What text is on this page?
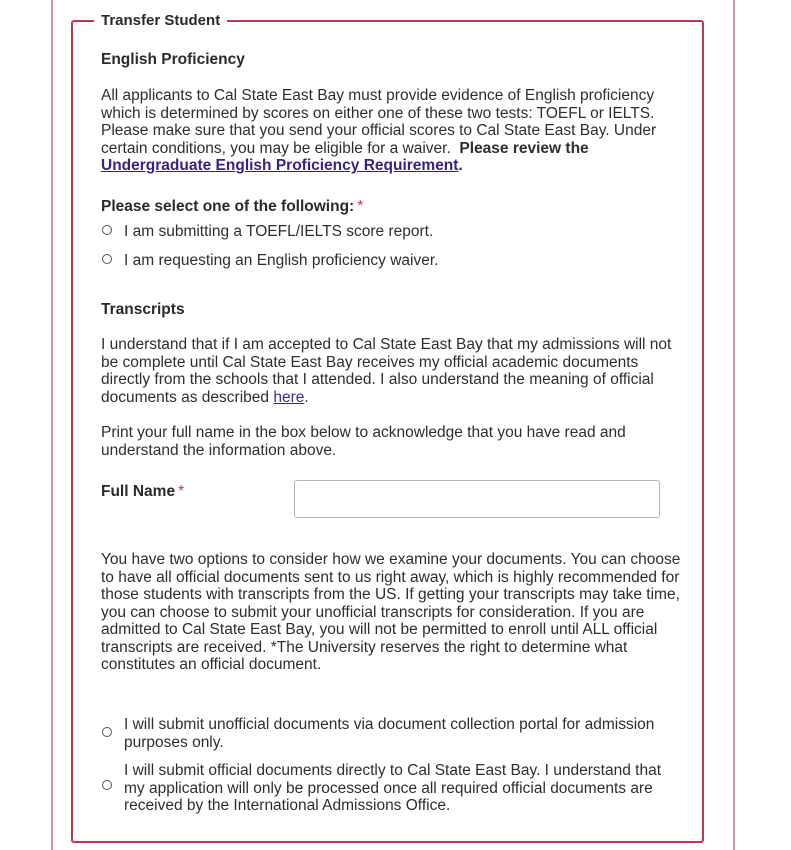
Transfer Student
English Proficiency
All applicants to Cal State East Bay must provide evidence of English proficiency which is determined by scores on either one of these two tests: TOEFL or IELTS. Please make sure that you send your official scores to Cal State East Bay. Under certain conditions, you may be eligible for a waiver. Please review the Undergraduate English Proficiency Requirement.
Please select one of the following: *
I am submitting a TOEFL/IELTS score report.
I am requesting an English proficiency waiver.
Transcripts
I understand that if I am accepted to Cal State East Bay that my admissions will not be complete until Cal State East Bay receives my official academic documents directly from the schools that I attended. I also understand the meaning of official documents as described here.
Print your full name in the box below to acknowledge that you have read and understand the information above.
Full Name *
You have two options to consider how we examine your documents. You can choose to have all official documents sent to us right away, which is highly recommended for those students with transcripts from the US. If getting your transcripts may take time, you can choose to submit your unofficial transcripts for consideration. If you are admitted to Cal State East Bay, you will not be permitted to enroll until ALL official transcripts are received. *The University reserves the right to determine what constitutes an official document.
I will submit unofficial documents via document collection portal for admission purposes only.
I will submit official documents directly to Cal State East Bay. I understand that my application will only be processed once all required official documents are received by the International Admissions Office.
